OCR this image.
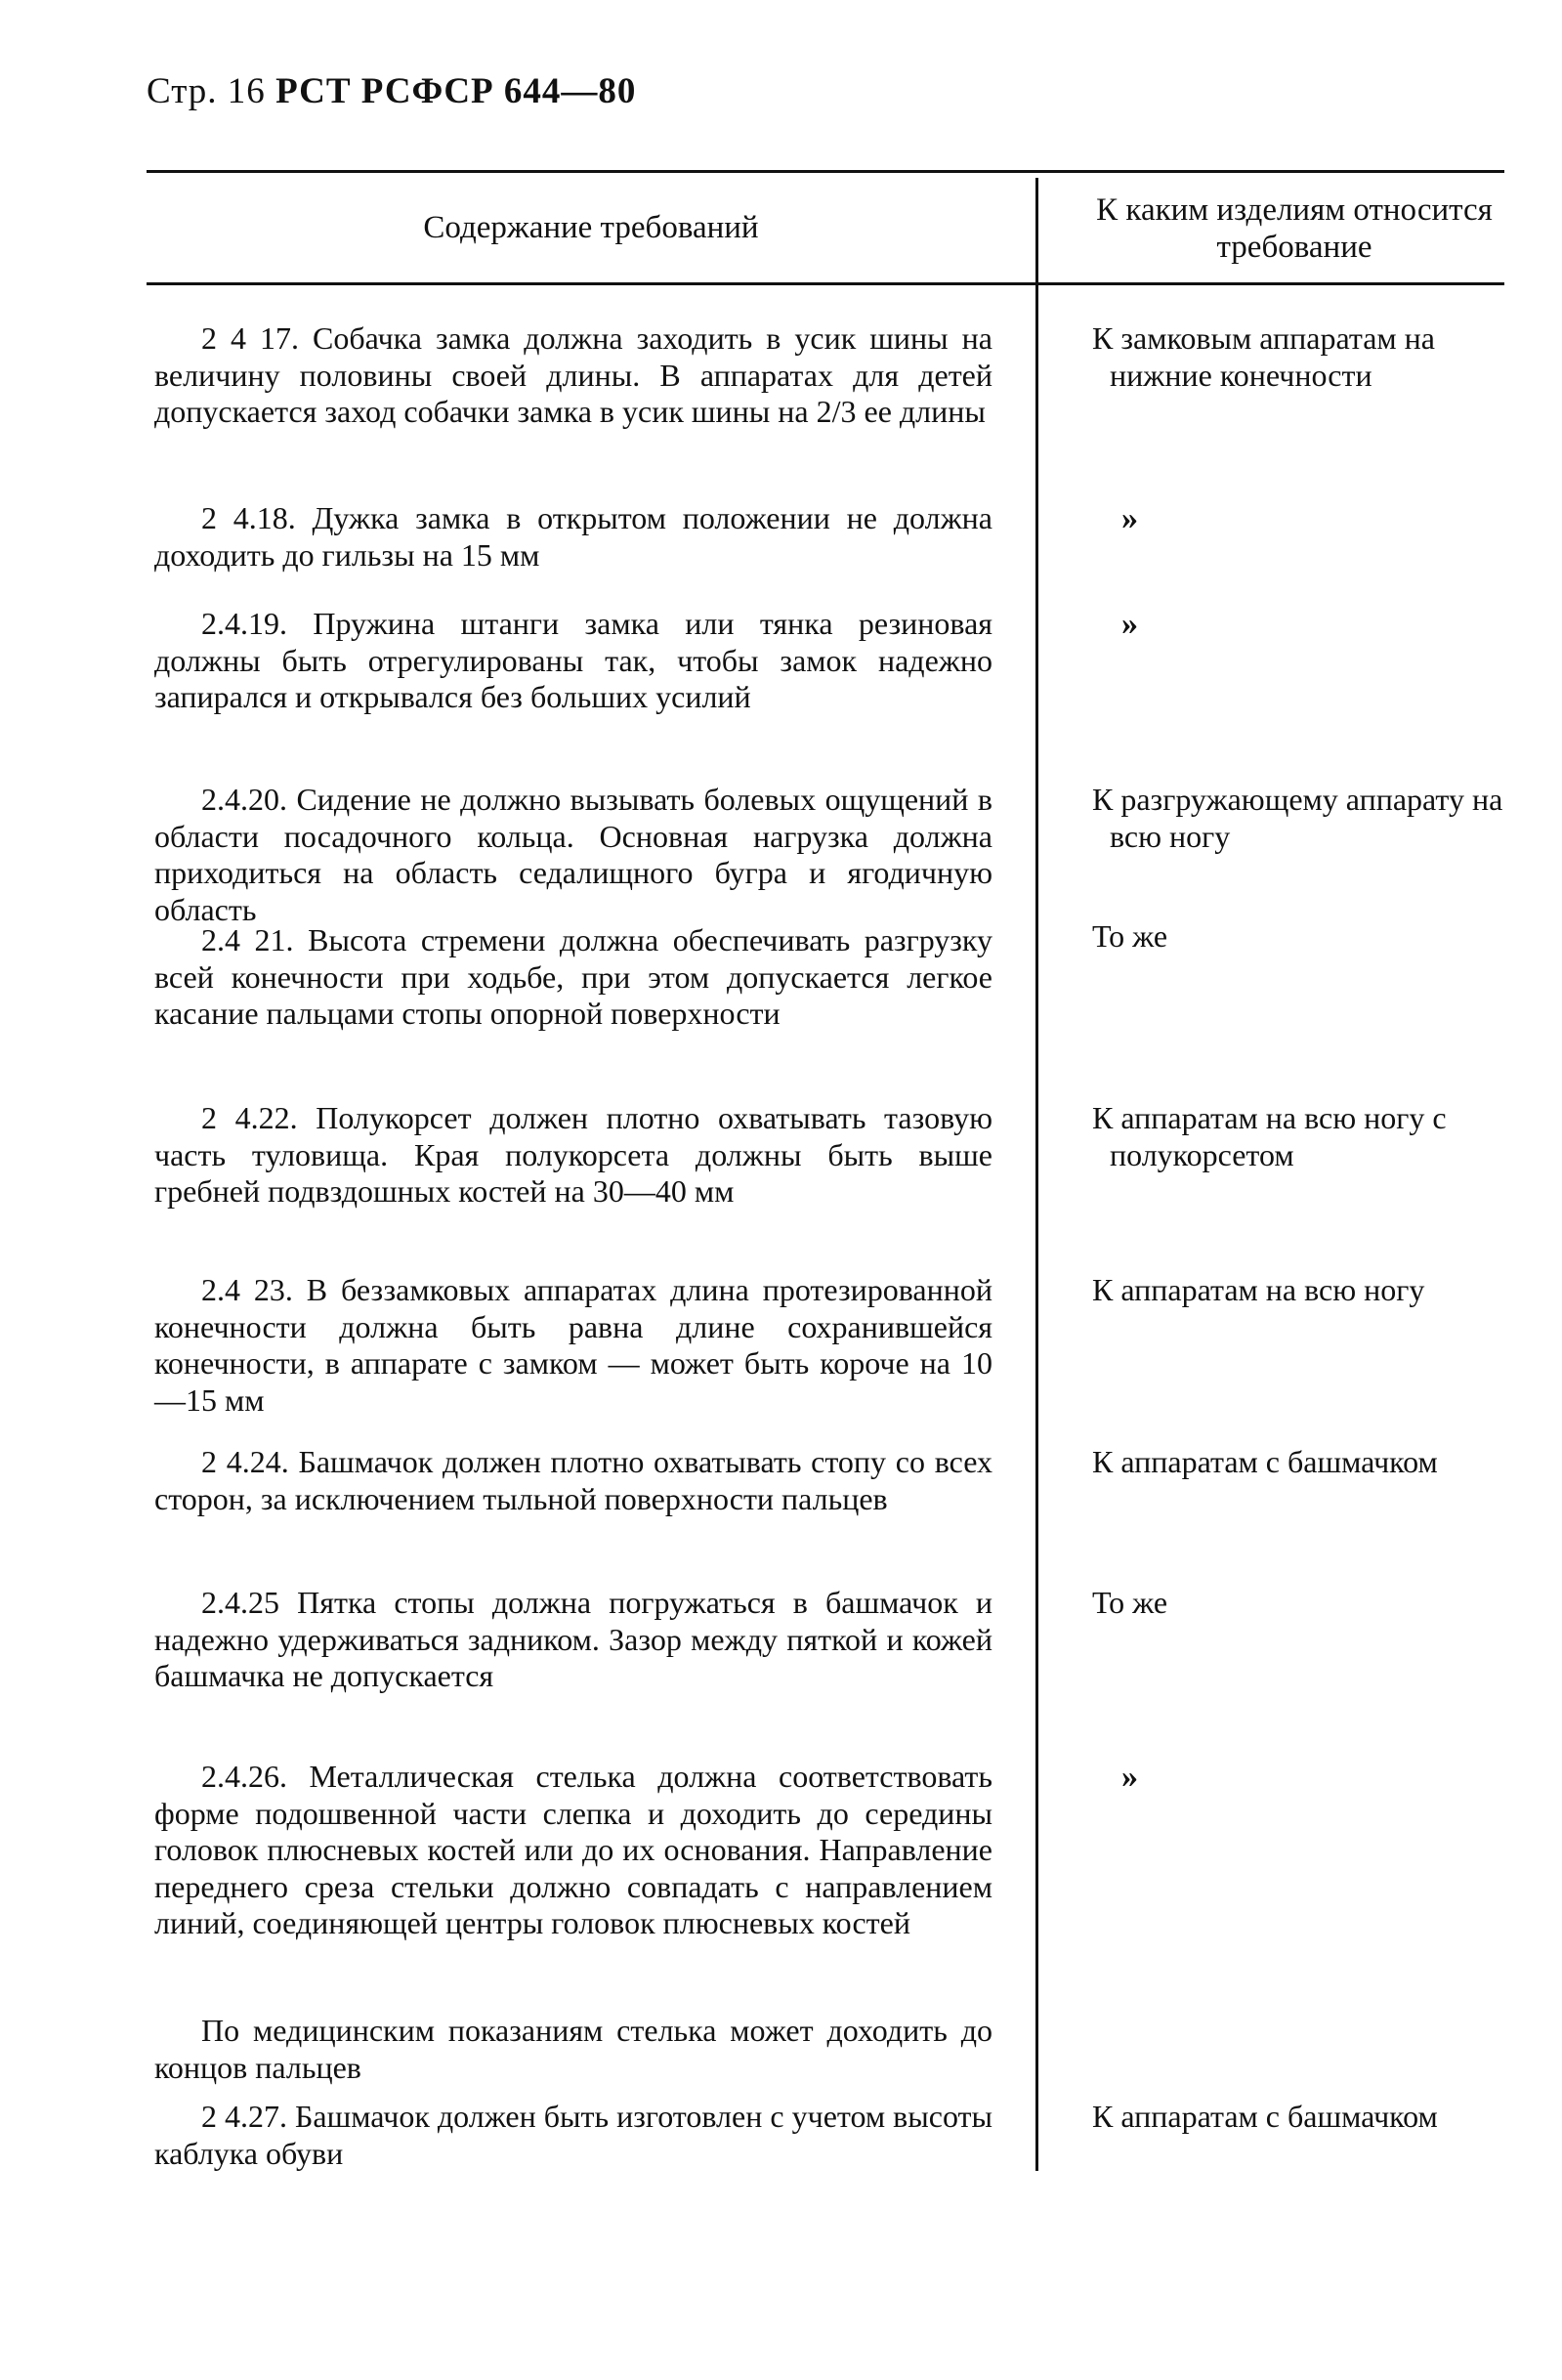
Стр. 16 РСТ РСФСР 644—80
Содержание требований	К каким изделиям относится требование
2 4 17. Собачка замка должна заходить в усик шины на величину половины своей длины. В аппаратах для детей допускается заход собачки замка в усик шины на 2/3 ее длины
К замковым аппаратам на нижние конечности
2 4.18. Дужка замка в открытом положении не должна доходить до гильзы на 15 мм
»
2.4.19. Пружина штанги замка или тянка резиновая должны быть отрегулированы так, чтобы замок надежно запирался и открывался без больших усилий
»
2.4.20. Сидение не должно вызывать болевых ощущений в области посадочного кольца. Основная нагрузка должна приходиться на область седалищного бугра и ягодичную область
К разгружающему аппарату на всю ногу
2.4 21. Высота стремени должна обеспечивать разгрузку всей конечности при ходьбе, при этом допускается легкое касание пальцами стопы опорной поверхности
То же
2 4.22. Полукорсет должен плотно охватывать тазовую часть туловища. Края полукорсета должны быть выше гребней подвздошных костей на 30—40 мм
К аппаратам на всю ногу с полукорсетом
2.4 23. В беззамковых аппаратах длина протезированной конечности должна быть равна длине сохранившейся конечности, в аппарате с замком — может быть короче на 10—15 мм
К аппаратам на всю ногу
2 4.24. Башмачок должен плотно охватывать стопу со всех сторон, за исключением тыльной поверхности пальцев
К аппаратам с башмачком
2.4.25 Пятка стопы должна погружаться в башмачок и надежно удерживаться задником. Зазор между пяткой и кожей башмачка не допускается
То же
2.4.26. Металлическая стелька должна соответствовать форме подошвенной части слепка и доходить до середины головок плюсневых костей или до их основания. Направление переднего среза стельки должно совпадать с направлением линий, соединяющей центры головок плюсневых костей
По медицинским показаниям стелька может доходить до концов пальцев
»
2 4.27. Башмачок должен быть изготовлен с учетом высоты каблука обуви
К аппаратам с башмачком
